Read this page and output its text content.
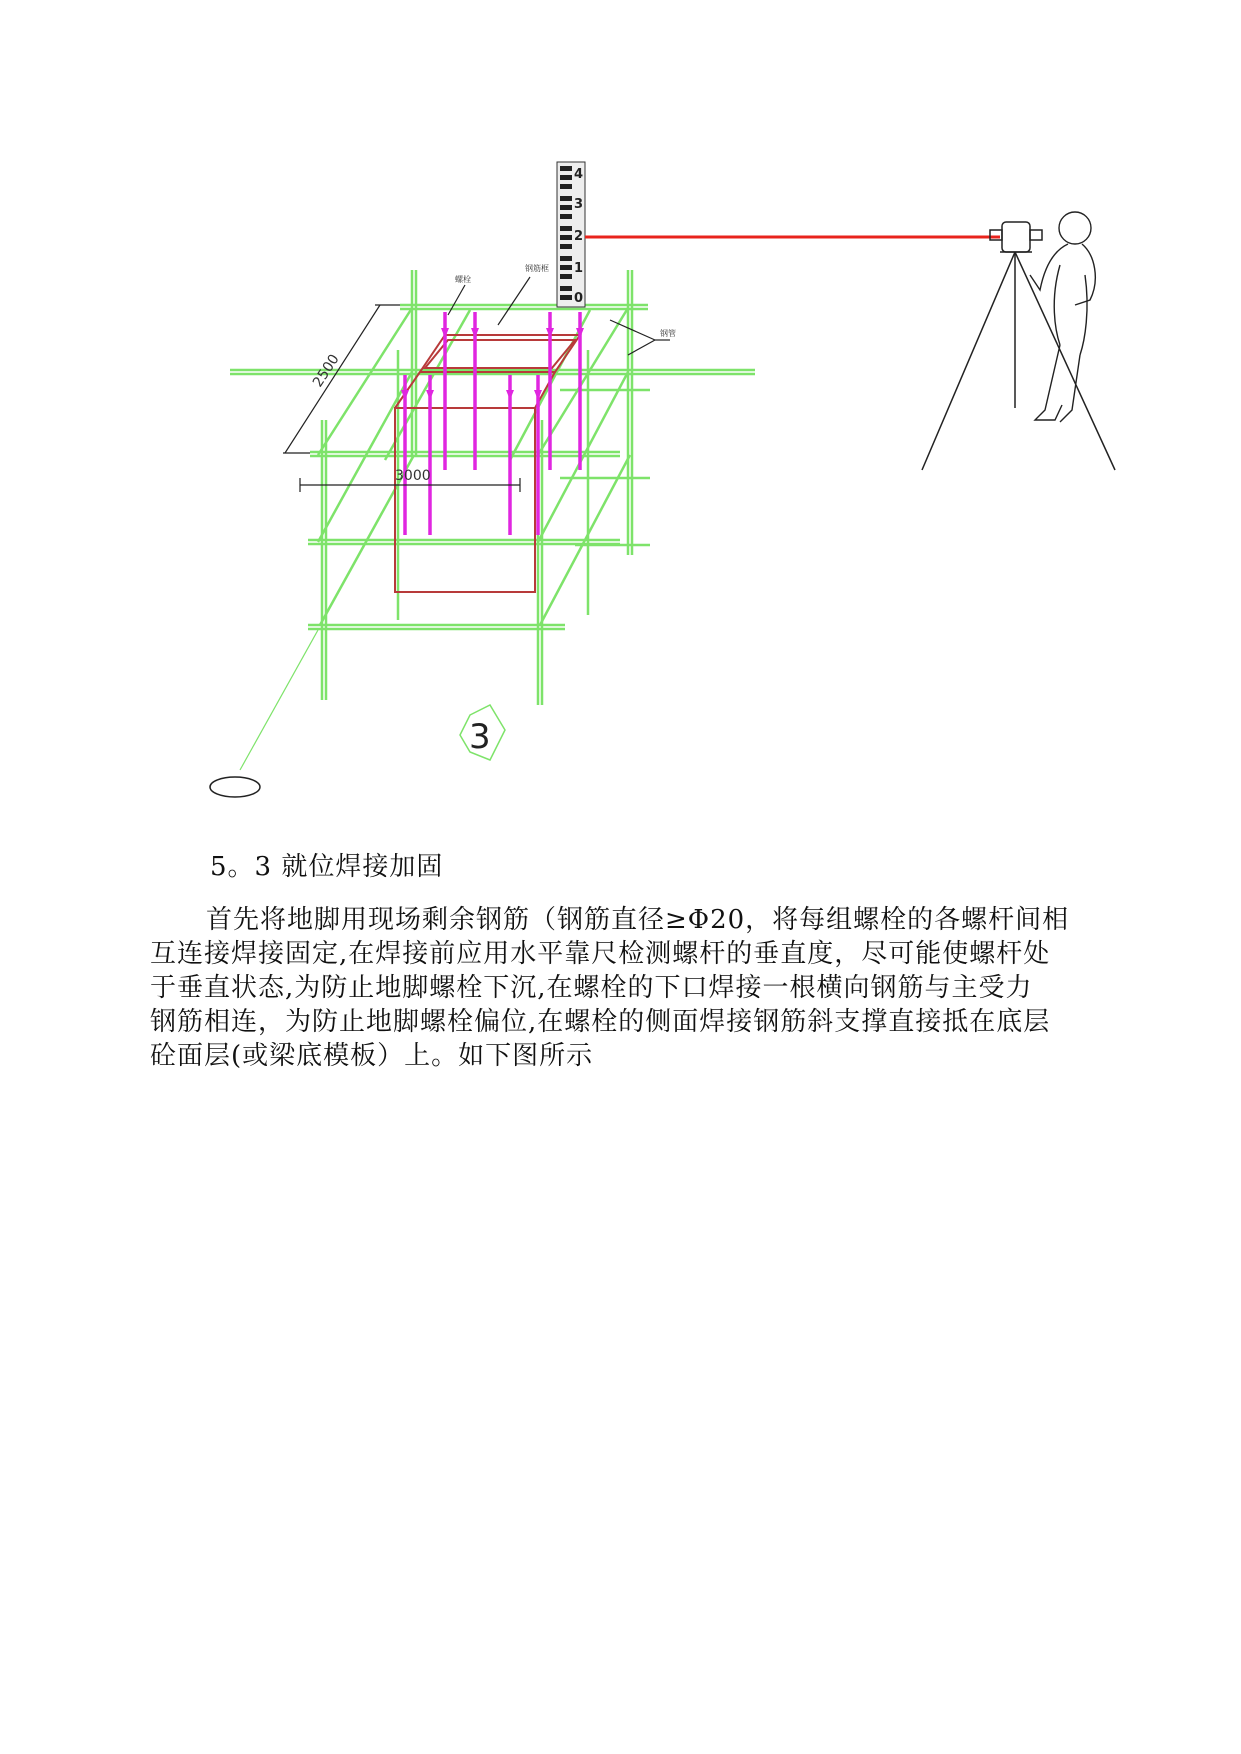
2500
3000
螺栓
钢筋框
钢管
4
3
2
1
0
3
5。3 就位焊接加固
首先将地脚用现场剩余钢筋（钢筋直径≥Φ20，将每组螺栓的各螺杆间相
互连接焊接固定,在焊接前应用水平靠尺检测螺杆的垂直度，尽可能使螺杆处
于垂直状态,为防止地脚螺栓下沉,在螺栓的下口焊接一根横向钢筋与主受力
钢筋相连，为防止地脚螺栓偏位,在螺栓的侧面焊接钢筋斜支撑直接抵在底层
砼面层(或梁底模板）上。如下图所示
